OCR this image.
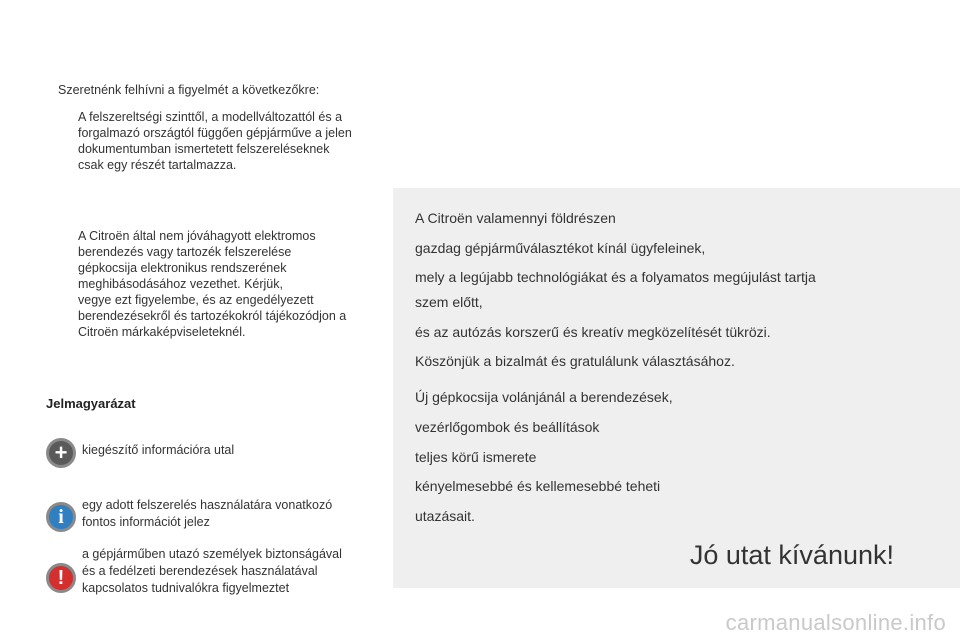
Szeretnénk felhívni a figyelmét a következőkre:
A felszereltségi szinttől, a modellváltozattól és a
forgalmazó országtól függően gépjárműve a jelen
dokumentumban ismertetett felszereléseknek
csak egy részét tartalmazza.
A Citroën által nem jóváhagyott elektromos
berendezés vagy tartozék felszerelése
gépkocsija elektronikus rendszerének
meghibásodásához vezethet. Kérjük,
vegye ezt figyelembe, és az engedélyezett
berendezésekről és tartozékokról tájékozódjon a
Citroën márkaképviseleteknél.
Jelmagyarázat
+	kiegészítő információra utal
i
egy adott felszerelés használatára vonatkozó
fontos információt jelez
!
a gépjárműben utazó személyek biztonságával
és a fedélzeti berendezések használatával
kapcsolatos tudnivalókra figyelmeztet
A Citroën valamennyi földrészen
gazdag gépjárműválasztékot kínál ügyfeleinek,
mely a legújabb technológiákat és a folyamatos megújulást tartja
szem előtt,
és az autózás korszerű és kreatív megközelítését tükrözi.
Köszönjük a bizalmát és gratulálunk választásához.
Új gépkocsija volánjánál a berendezések,
vezérlőgombok és beállítások
teljes körű ismerete
kényelmesebbé és kellemesebbé teheti
utazásait.
Jó utat kívánunk!
carmanualsonline.info
